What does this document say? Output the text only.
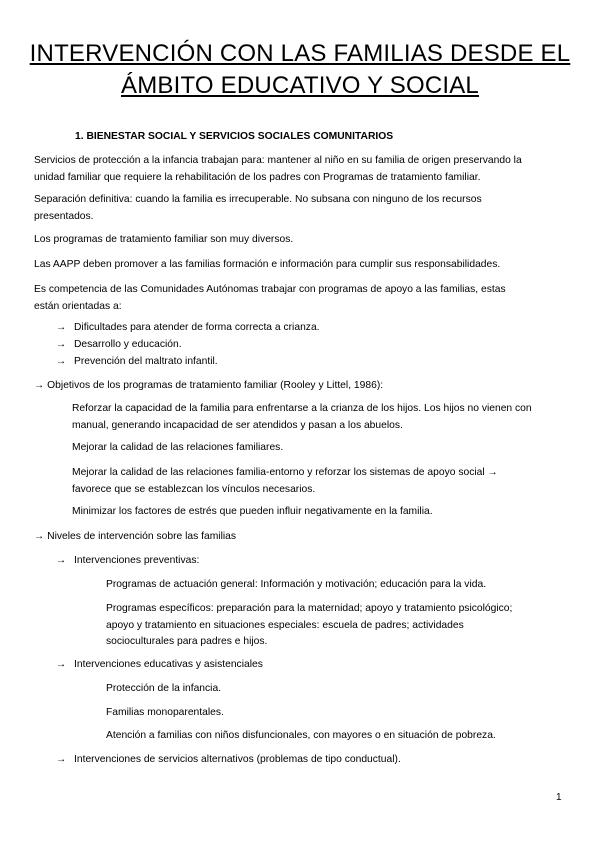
INTERVENCIÓN CON LAS FAMILIAS DESDE EL
ÁMBITO EDUCATIVO Y SOCIAL
1. BIENESTAR SOCIAL Y SERVICIOS SOCIALES COMUNITARIOS
Servicios de protección a la infancia trabajan para: mantener al niño en su familia de origen preservando la
unidad familiar que requiere la rehabilitación de los padres con Programas de tratamiento familiar.
Separación definitiva: cuando la familia es irrecuperable. No subsana con ninguno de los recursos
presentados.
Los programas de tratamiento familiar son muy diversos.
Las AAPP deben promover a las familias formación e información para cumplir sus responsabilidades.
Es competencia de las Comunidades Autónomas trabajar con programas de apoyo a las familias, estas
están orientadas a:
→ Dificultades para atender de forma correcta a crianza.
→ Desarrollo y educación.
→ Prevención del maltrato infantil.
→ Objetivos de los programas de tratamiento familiar (Rooley y Littel, 1986):
Reforzar la capacidad de la familia para enfrentarse a la crianza de los hijos. Los hijos no vienen con
manual, generando incapacidad de ser atendidos y pasan a los abuelos.
Mejorar la calidad de las relaciones familiares.
Mejorar la calidad de las relaciones familia-entorno y reforzar los sistemas de apoyo social →
favorece que se establezcan los vínculos necesarios.
Minimizar los factores de estrés que pueden influir negativamente en la familia.
→ Niveles de intervención sobre las familias
→ Intervenciones preventivas:
Programas de actuación general: Información y motivación; educación para la vida.
Programas específicos: preparación para la maternidad; apoyo y tratamiento psicológico;
apoyo y tratamiento en situaciones especiales: escuela de padres; actividades
socioculturales para padres e hijos.
→ Intervenciones educativas y asistenciales
Protección de la infancia.
Familias monoparentales.
Atención a familias con niños disfuncionales, con mayores o en situación de pobreza.
→ Intervenciones de servicios alternativos (problemas de tipo conductual).
1
